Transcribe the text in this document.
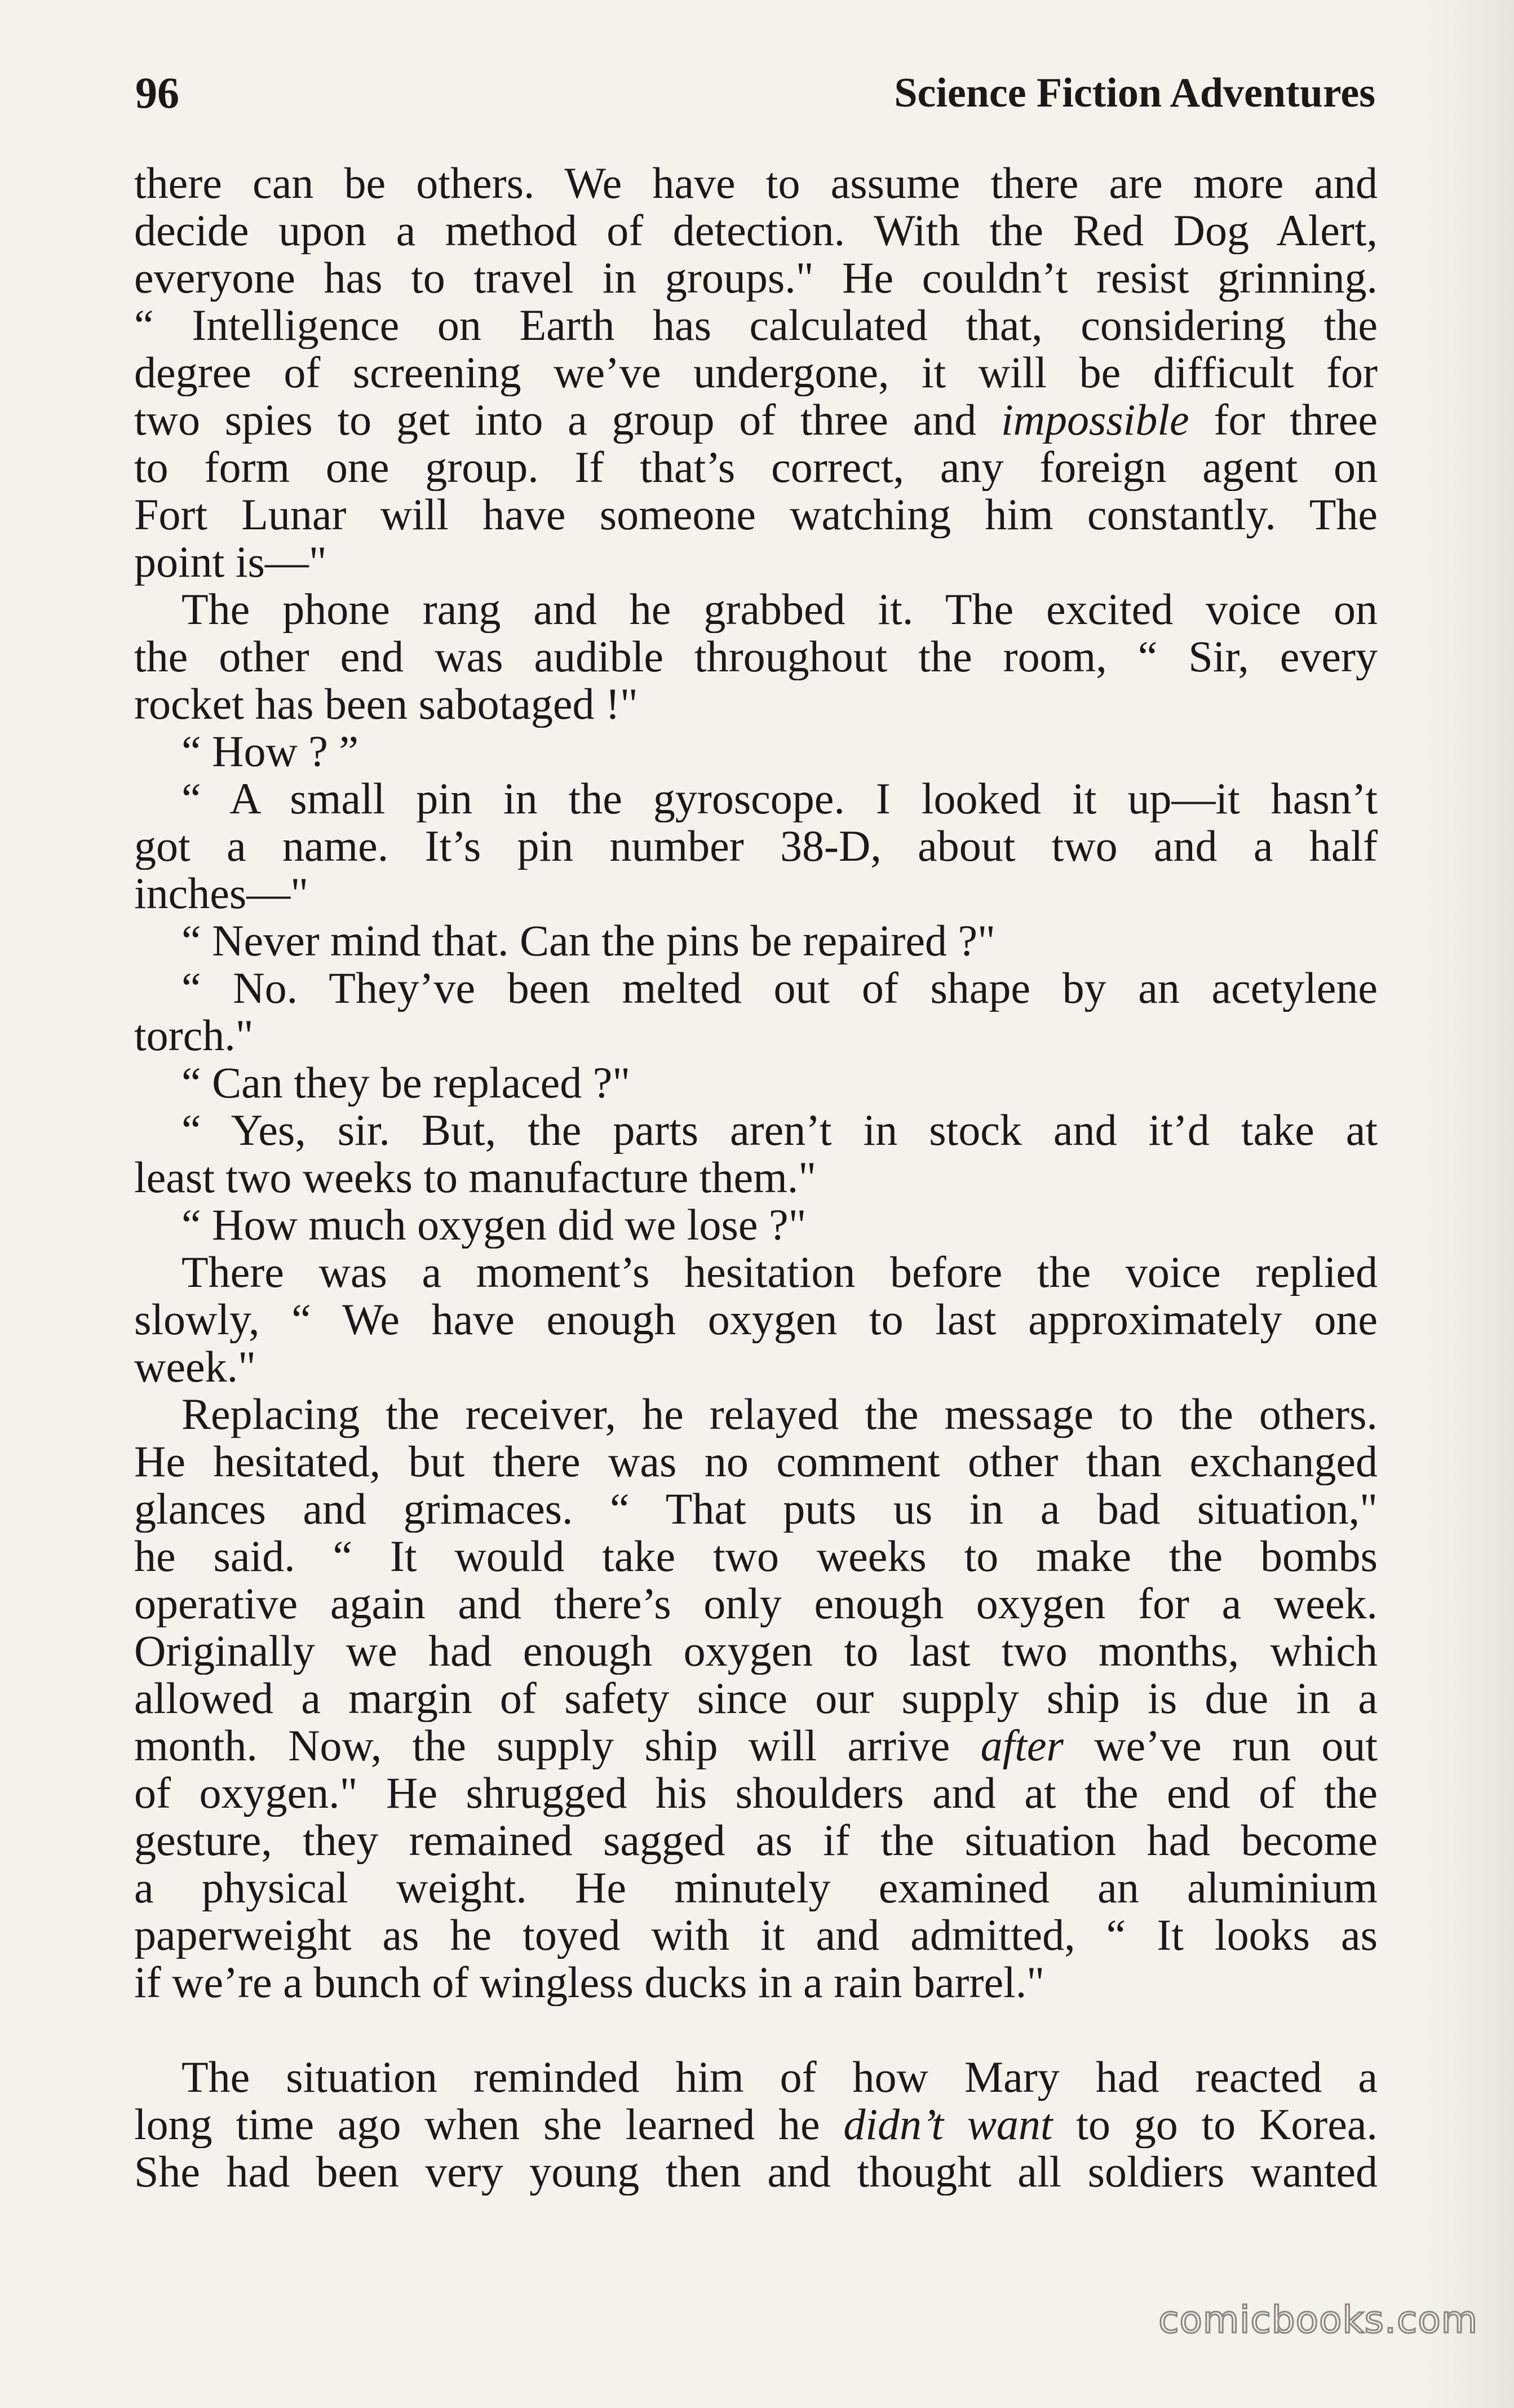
96	Science Fiction Adventures

there can be others. We have to assume there are more and

decide upon a method of detection. With the Red Dog Alert,

everyone has to travel in groups." He couldn’t resist grinning.

“ Intelligence on Earth has calculated that, considering the

degree of screening we’ve undergone, it will be difficult for

two spies to get into a group of three and impossible for three

to form one group. If that’s correct, any foreign agent on

Fort Lunar will have someone watching him constantly. The

point is—"

The phone rang and he grabbed it. The excited voice on

the other end was audible throughout the room, “ Sir, every

rocket has been sabotaged !"

“ How ? ”

“ A small pin in the gyroscope. I looked it up—it hasn’t

got a name. It’s pin number 38-D, about two and a half

inches—"

“ Never mind that. Can the pins be repaired ?"

“ No. They’ve been melted out of shape by an acetylene

torch."

“ Can they be replaced ?"

“ Yes, sir. But, the parts aren’t in stock and it’d take at

least two weeks to manufacture them."

“ How much oxygen did we lose ?"

There was a moment’s hesitation before the voice replied

slowly, “ We have enough oxygen to last approximately one

week."

Replacing the receiver, he relayed the message to the others.

He hesitated, but there was no comment other than exchanged

glances and grimaces. “ That puts us in a bad situation,"

he said. “ It would take two weeks to make the bombs

operative again and there’s only enough oxygen for a week.

Originally we had enough oxygen to last two months, which

allowed a margin of safety since our supply ship is due in a

month. Now, the supply ship will arrive after we’ve run out

of oxygen." He shrugged his shoulders and at the end of the

gesture, they remained sagged as if the situation had become

a physical weight. He minutely examined an aluminium

paperweight as he toyed with it and admitted, “ It looks as

if we’re a bunch of wingless ducks in a rain barrel."

The situation reminded him of how Mary had reacted a

long time ago when she learned he didn’t want to go to Korea.

She had been very young then and thought all soldiers wanted

comicbooks.com
